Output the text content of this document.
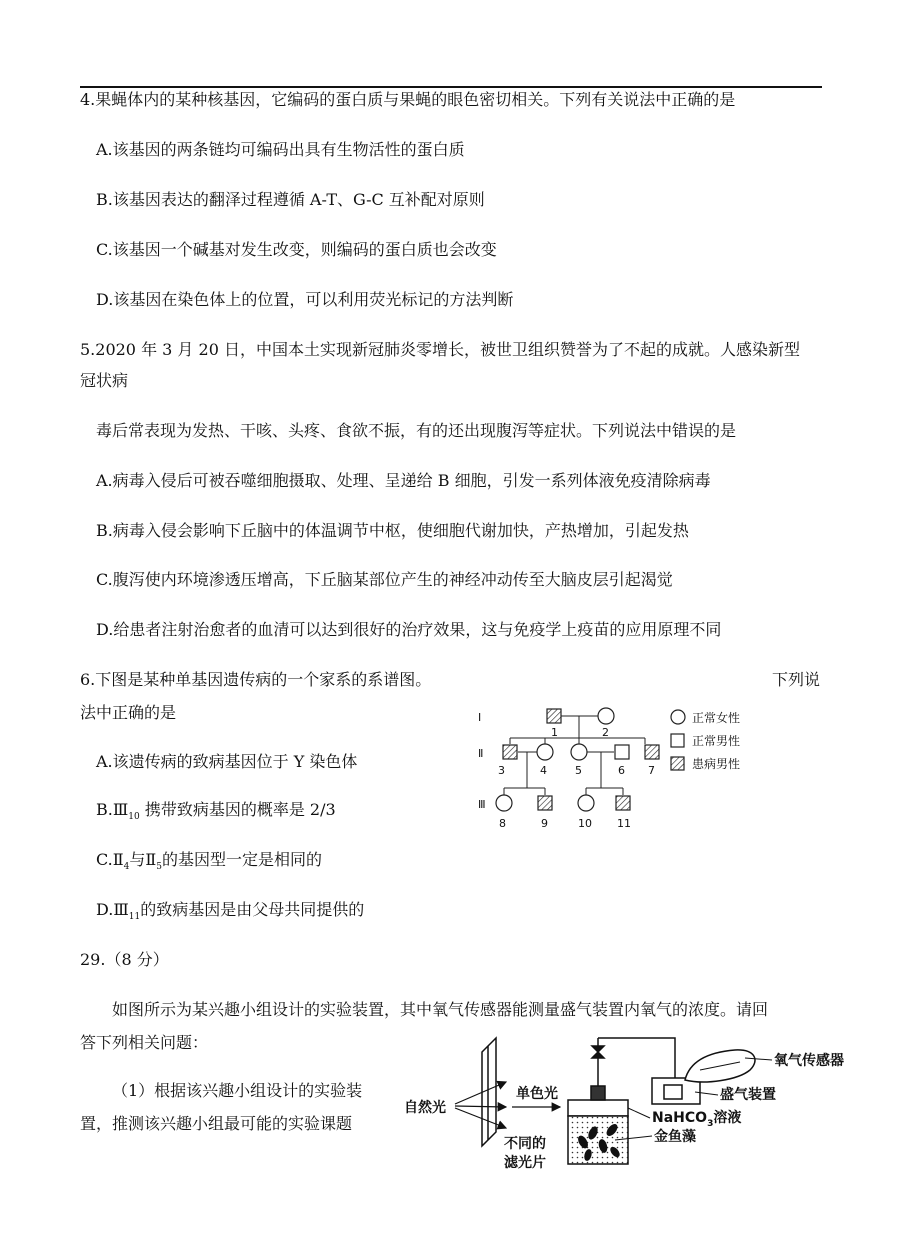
4.果蝇体内的某种核基因，它编码的蛋白质与果蝇的眼色密切相关。下列有关说法中正确的是
A.该基因的两条链均可编码出具有生物活性的蛋白质
B.该基因表达的翻泽过程遵循 A-T、G-C 互补配对原则
C.该基因一个碱基对发生改变，则编码的蛋白质也会改变
D.该基因在染色体上的位置，可以利用荧光标记的方法判断
5.2020 年 3 月 20 日，中国本土实现新冠肺炎零增长，被世卫组织赞誉为了不起的成就。人感染新型
冠状病
毒后常表现为发热、干咳、头疼、食欲不振，有的还出现腹泻等症状。下列说法中错误的是
A.病毒入侵后可被吞噬细胞摄取、处理、呈递给 B 细胞，引发一系列体液免疫清除病毒
B.病毒入侵会影响下丘脑中的体温调节中枢，使细胞代谢加快，产热增加，引起发热
C.腹泻使内环境渗透压增高，下丘脑某部位产生的神经冲动传至大脑皮层引起渴觉
D.给患者注射治愈者的血清可以达到很好的治疗效果，这与免疫学上疫苗的应用原理不同
6.下图是某种单基因遗传病的一个家系的系谱图。	下列说
法中正确的是
A.该遗传病的致病基因位于 Y 染色体
$B.Ⅲ_{10}$ 携带致病基因的概率是 2/3
$C.Ⅱ_4$与$Ⅱ_5$的基因型一定是相同的
$D.Ⅲ_{11}$的致病基因是由父母共同提供的
Ⅰ
Ⅱ
Ⅲ
1	2
3	4	5	6 7
8	9	10 11
正常女性
正常男性
患病男性
29.（8 分）
如图所示为某兴趣小组设计的实验装置，其中氧气传感器能测量盛气装置内氧气的浓度。请回
答下列相关问题：
（1）根据该兴趣小组设计的实验装
置，推测该兴趣小组最可能的实验课题
自然光
单色光
不同的
滤光片
氧气传感器
盛气装置
NaHCO$_3$溶液
金鱼藻
